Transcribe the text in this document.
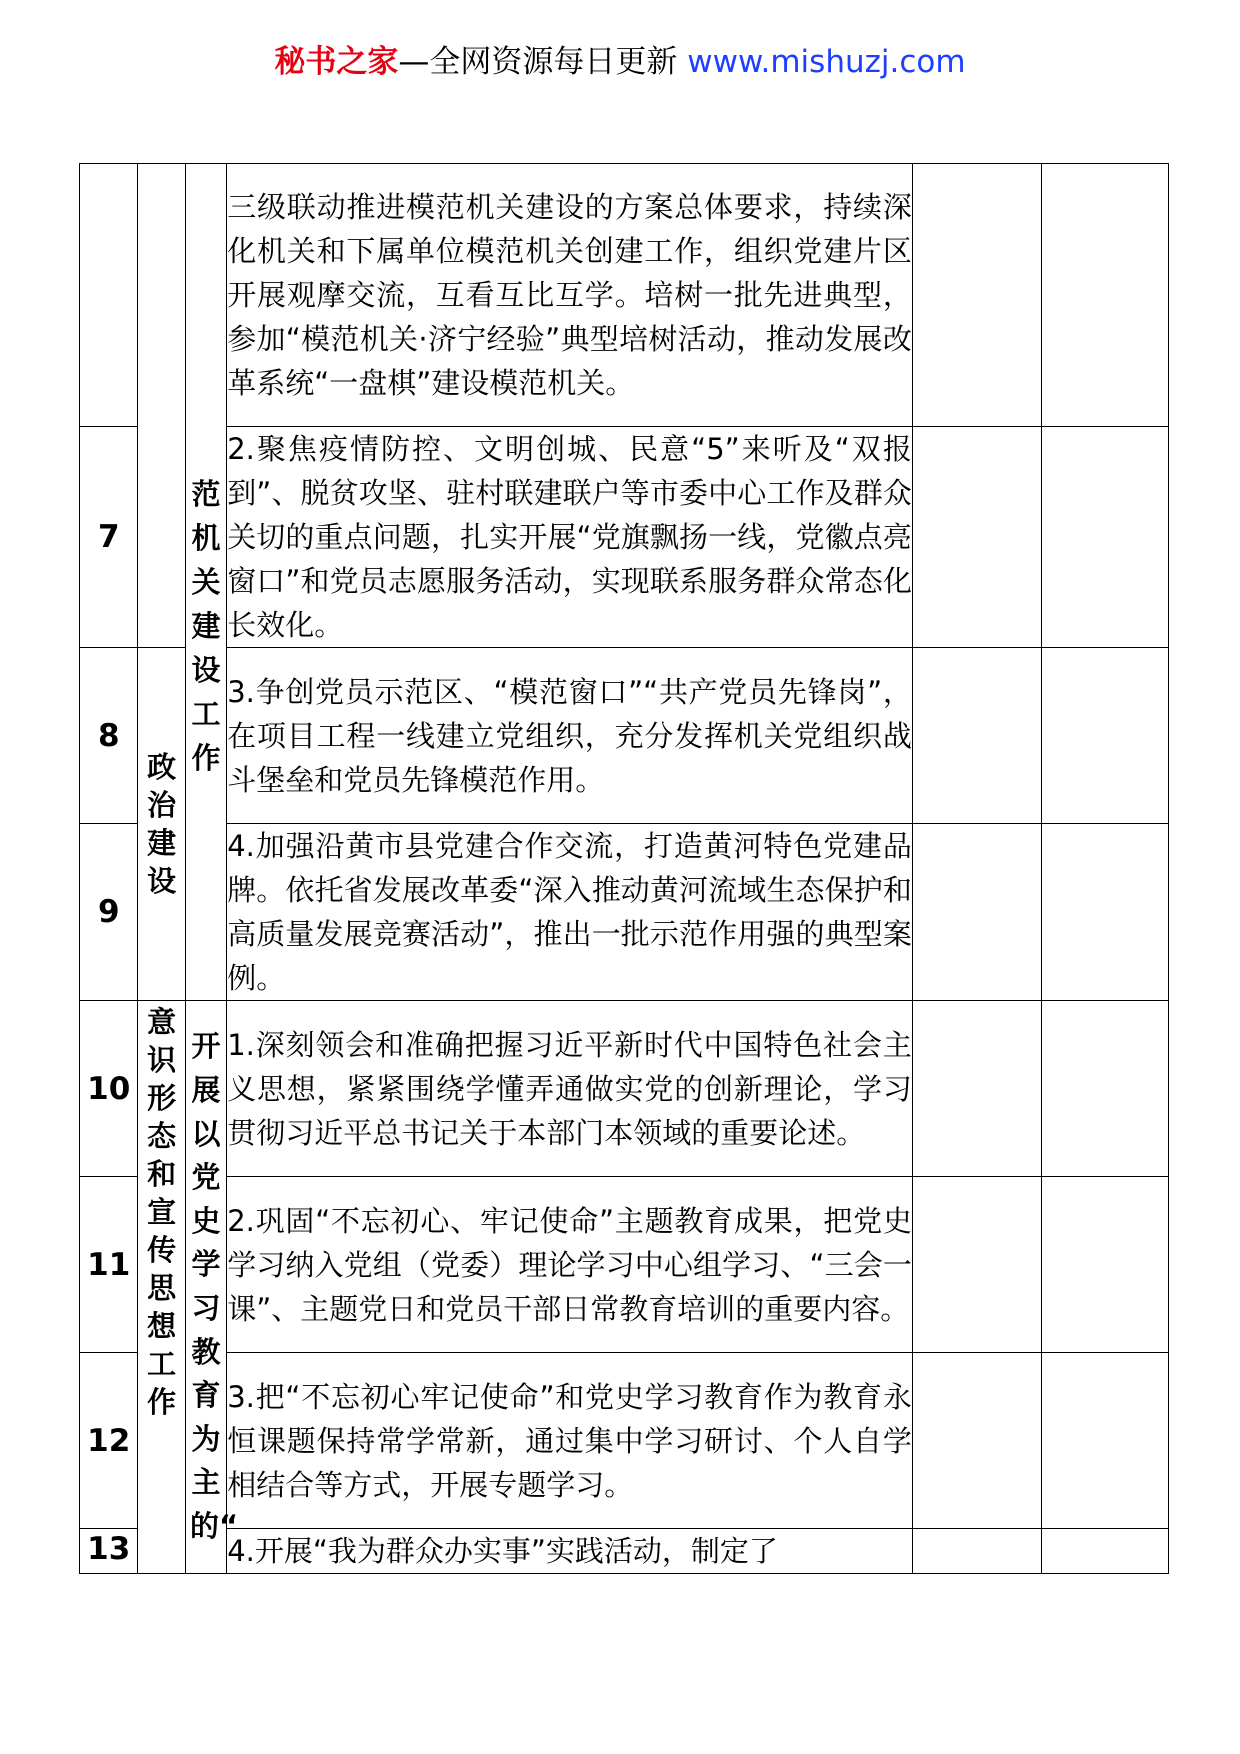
秘书之家—全网资源每日更新 www.mishuzj.com

		范机关建设工作	三级联动推进模范机关建设的方案总体要求，持续深化机关和下属单位模范机关创建工作，组织党建片区开展观摩交流，互看互比互学。培树一批先进典型，参加“模范机关·济宁经验”典型培树活动，推动发展改革系统“一盘棋”建设模范机关。		
7			2.聚焦疫情防控、文明创城、民意“5”来听及“双报到”、脱贫攻坚、驻村联建联户等市委中心工作及群众关切的重点问题，扎实开展“党旗飘扬一线，党徽点亮窗口”和党员志愿服务活动，实现联系服务群众常态化长效化。		
8	政治建设		3.争创党员示范区、“模范窗口”“共产党员先锋岗”，在项目工程一线建立党组织，充分发挥机关党组织战斗堡垒和党员先锋模范作用。		
9			4.加强沿黄市县党建合作交流，打造黄河特色党建品牌。依托省发展改革委“深入推动黄河流域生态保护和高质量发展竞赛活动”，推出一批示范作用强的典型案例。		
10	意识形态和宣传思想工作	开展以党史学习教育为主的“	1.深刻领会和准确把握习近平新时代中国特色社会主义思想，紧紧围绕学懂弄通做实党的创新理论，学习贯彻习近平总书记关于本部门本领域的重要论述。		
11			2.巩固“不忘初心、牢记使命”主题教育成果，把党史学习纳入党组（党委）理论学习中心组学习、“三会一课”、主题党日和党员干部日常教育培训的重要内容。		
12			3.把“不忘初心牢记使命”和党史学习教育作为教育永恒课题保持常学常新，通过集中学习研讨、个人自学相结合等方式，开展专题学习。		
13			4.开展“我为群众办实事”实践活动，制定了		
